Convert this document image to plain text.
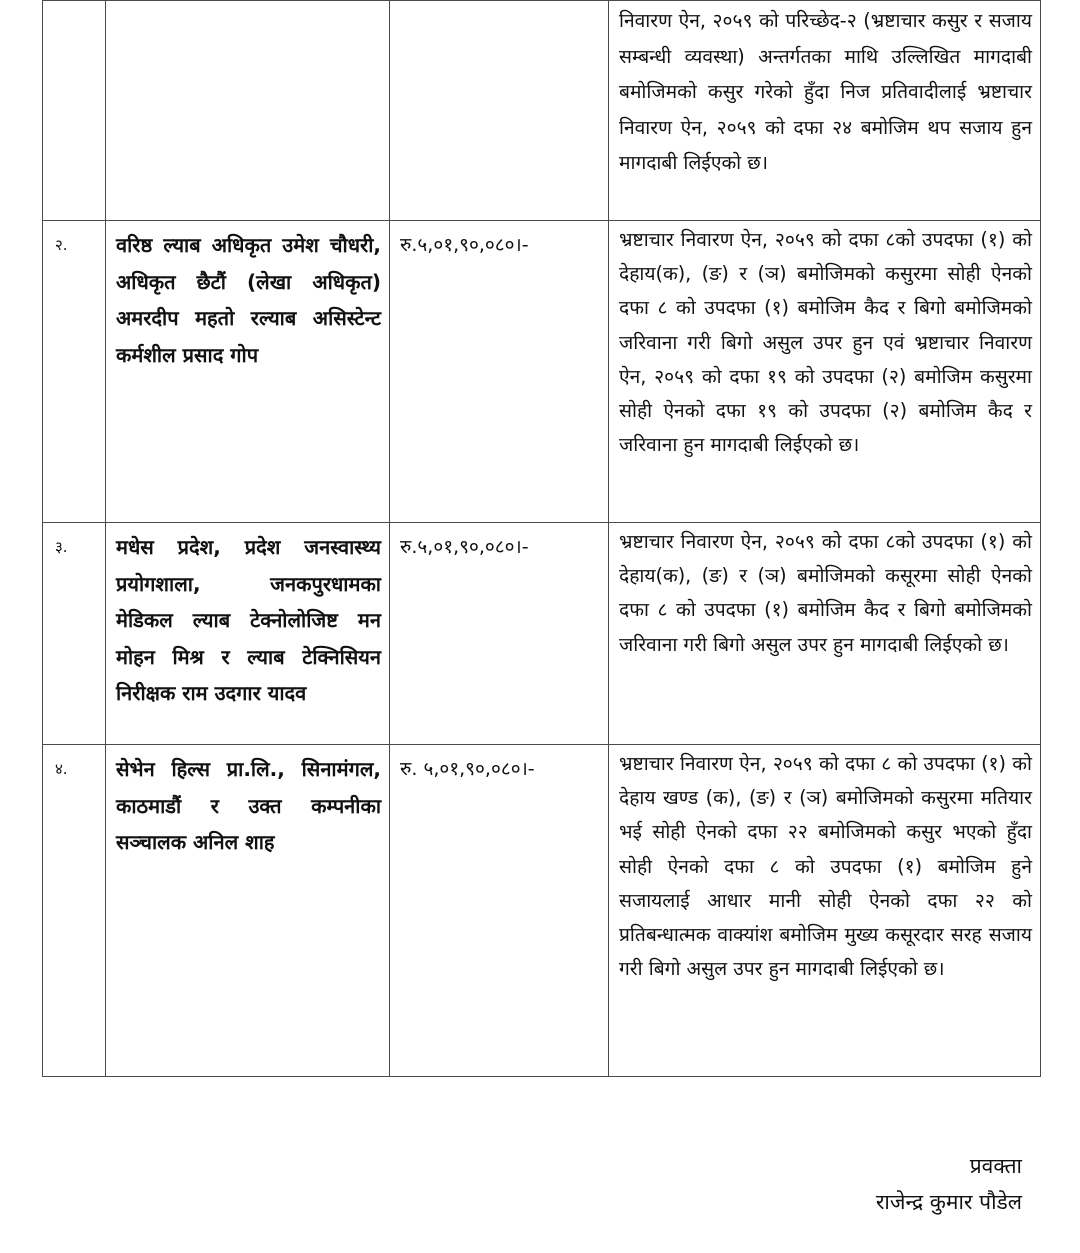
			निवारण ऐन, २०५९ को परिच्छेद-२ (भ्रष्टाचार कसुर र सजाय सम्बन्धी व्यवस्था) अन्तर्गतका माथि उल्लिखित मागदाबी बमोजिमको कसुर गरेको हुँदा निज प्रतिवादीलाई भ्रष्टाचार निवारण ऐन, २०५९ को दफा २४ बमोजिम थप सजाय हुन मागदाबी लिईएको छ।

२.	वरिष्ठ ल्याब अधिकृत उमेश चौधरी, अधिकृत छैटौं (लेखा अधिकृत) अमरदीप महतो रल्याब असिस्टेन्ट कर्मशील प्रसाद गोप	रु.५,०१,९०,०८०।-	भ्रष्टाचार निवारण ऐन, २०५९ को दफा ८को उपदफा (१) को देहाय(क), (ङ) र (ञ) बमोजिमको कसुरमा सोही ऐनको दफा ८ को उपदफा (१) बमोजिम कैद र बिगो बमोजिमको जरिवाना गरी बिगो असुल उपर हुन एवं भ्रष्टाचार निवारण ऐन, २०५९ को दफा १९ को उपदफा (२) बमोजिम कसुरमा सोही ऐनको दफा १९ को उपदफा (२) बमोजिम कैद र जरिवाना हुन मागदाबी लिईएको छ।

३.	मधेस प्रदेश, प्रदेश जनस्वास्थ्य प्रयोगशाला, जनकपुरधामका मेडिकल ल्याब टेक्नोलोजिष्ट मन मोहन मिश्र र ल्याब टेक्निसियन निरीक्षक राम उदगार यादव	रु.५,०१,९०,०८०।-	भ्रष्टाचार निवारण ऐन, २०५९ को दफा ८को उपदफा (१) को देहाय(क), (ङ) र (ञ) बमोजिमको कसूरमा सोही ऐनको दफा ८ को उपदफा (१) बमोजिम कैद र बिगो बमोजिमको जरिवाना गरी बिगो असुल उपर हुन मागदाबी लिईएको छ।

४.	सेभेन हिल्स प्रा.लि., सिनामंगल, काठमाडौं र उक्त कम्पनीका सञ्चालक अनिल शाह	रु. ५,०१,९०,०८०।-	भ्रष्टाचार निवारण ऐन, २०५९ को दफा ८ को उपदफा (१) को देहाय खण्ड (क), (ङ) र (ञ) बमोजिमको कसुरमा मतियार भई सोही ऐनको दफा २२ बमोजिमको कसुर भएको हुँदा सोही ऐनको दफा ८ को उपदफा (१) बमोजिम हुने सजायलाई आधार मानी सोही ऐनको दफा २२ को प्रतिबन्धात्मक वाक्यांश बमोजिम मुख्य कसूरदार सरह सजाय गरी बिगो असुल उपर हुन मागदाबी लिईएको छ।
प्रवक्ता
राजेन्द्र कुमार पौडेल
